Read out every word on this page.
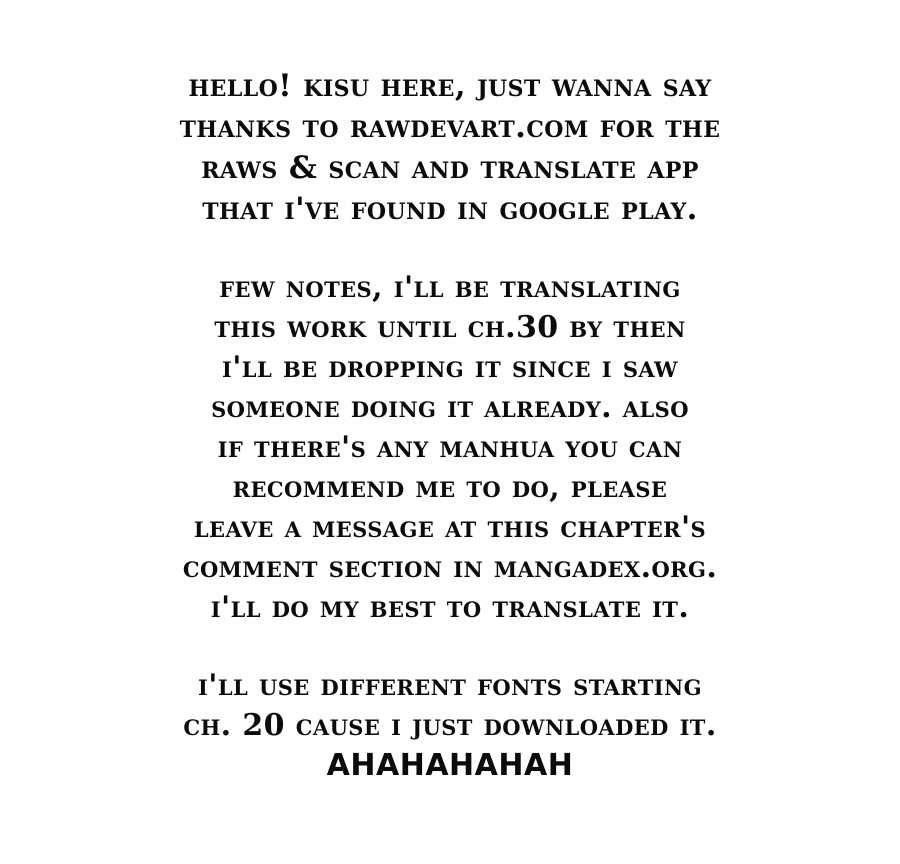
hello! kisu here, just wanna say
thanks to rawdevart.com for the
raws & scan and translate app
that i've found in google play.
few notes, i'll be translating
this work until ch.30 by then
i'll be dropping it since i saw
someone doing it already. also
if there's any manhua you can
recommend me to do, please
leave a message at this chapter's
comment section in mangadex.org.
i'll do my best to translate it.
i'll use different fonts starting
ch. 20 cause i just downloaded it.
AHAHAHAHAH
